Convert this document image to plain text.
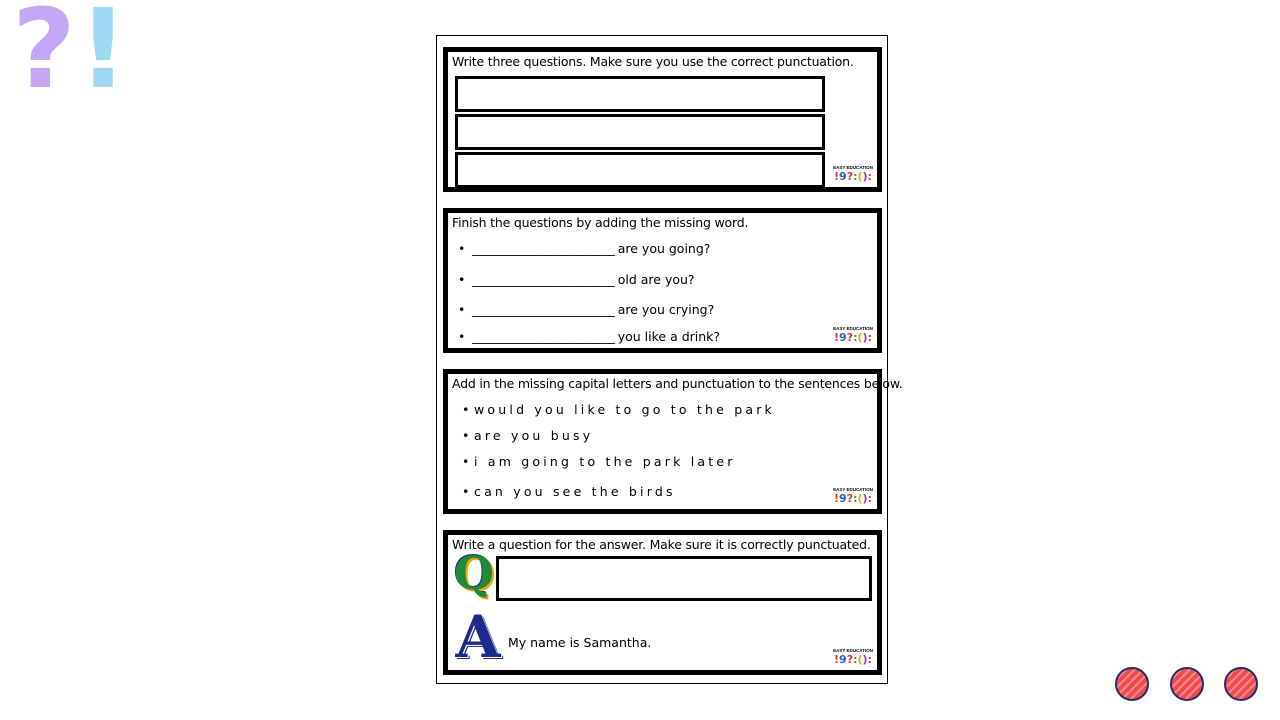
? !	Write three questions. Make sure you use the correct punctuation.
EASY EDUCATION
! 9 ? : ( ) :
Finish the questions by adding the missing word.
• ___________________________ are you going?
• ___________________________ old are you?
• ___________________________ are you crying?
• ___________________________ you like a drink?
EASY EDUCATION
! 9 ? : ( ) :
Add in the missing capital letters and punctuation to the sentences below.
• would you like to go to the park
• are you busy
• i am going to the park later
• can you see the birds	EASY EDUCATION
! 9 ? : ( ) :
Write a question for the answer. Make sure it is correctly punctuated.
Q
A My name is Samantha.
EASY EDUCATION
! 9 ? : ( ) :
